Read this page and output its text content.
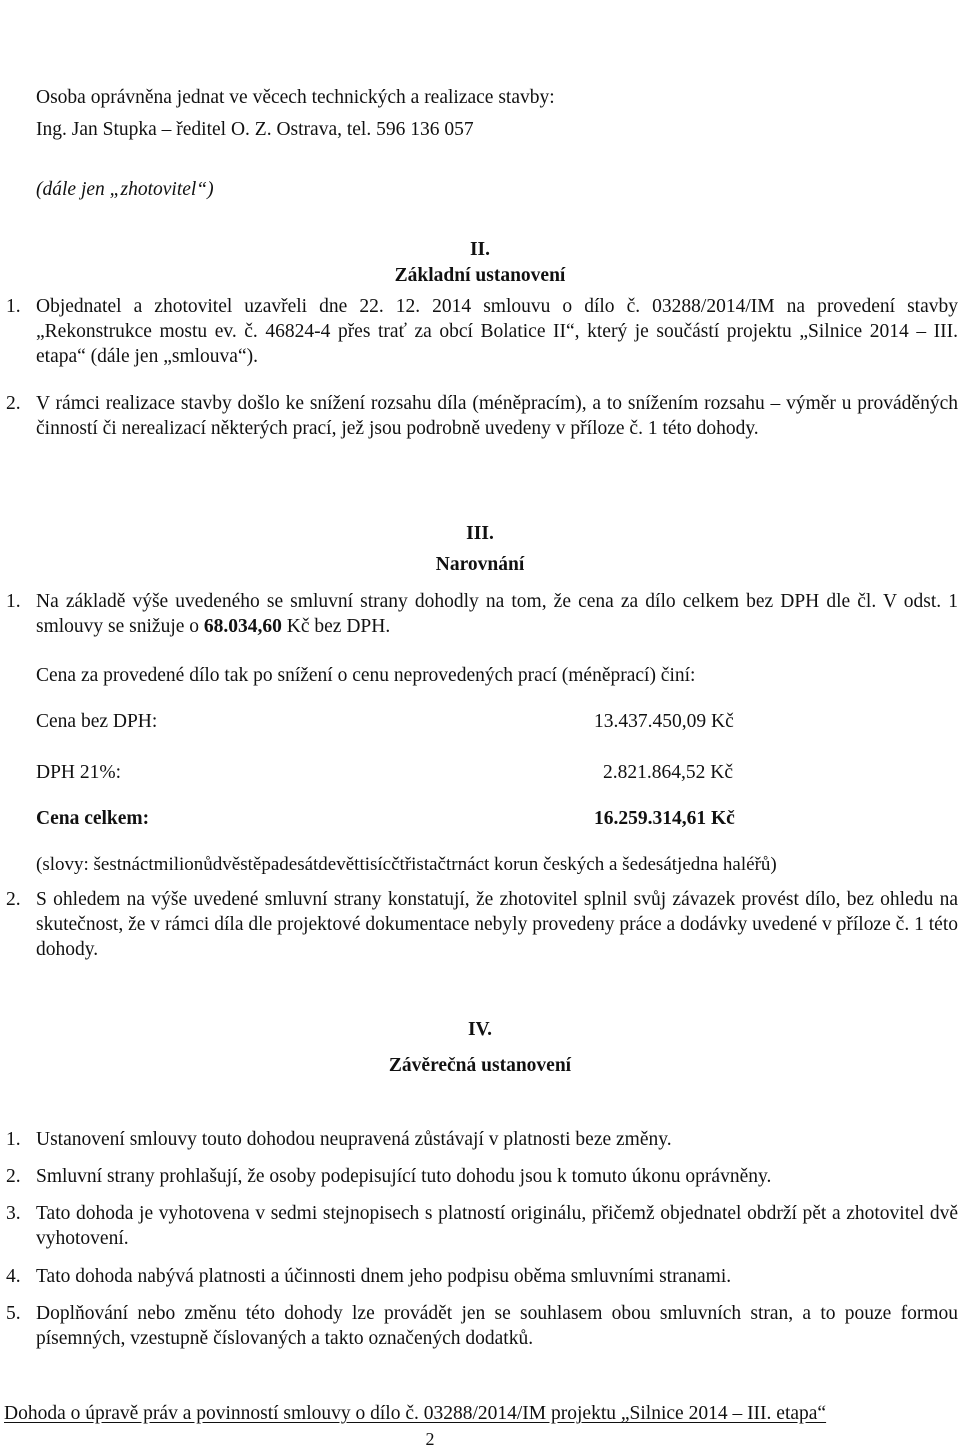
Osoba oprávněna jednat ve věcech technických a realizace stavby:

Ing. Jan Stupka – ředitel O. Z. Ostrava, tel. 596 136 057

(dále jen „zhotovitel“)

II.

Základní ustanovení

1. Objednatel a zhotovitel uzavřeli dne 22. 12. 2014 smlouvu o dílo č. 03288/2014/IM na provedení stavby „Rekonstrukce mostu ev. č. 46824-4 přes trať za obcí Bolatice II“, který je součástí projektu „Silnice 2014 – III. etapa“ (dále jen „smlouva“).
2. V rámci realizace stavby došlo ke snížení rozsahu díla (méněpracím), a to snížením rozsahu – výměr u prováděných činností či nerealizací některých prací, jež jsou podrobně uvedeny v příloze č. 1 této dohody.

III.

Narovnání

1. Na základě výše uvedeného se smluvní strany dohodly na tom, že cena za dílo celkem bez DPH dle čl. V odst. 1 smlouvy se snižuje o 68.034,60 Kč bez DPH.

Cena za provedené dílo tak po snížení o cenu neprovedených prací (méněprací) činí:

Cena bez DPH:	13.437.450,09 Kč
DPH 21%:	2.821.864,52 Kč
Cena celkem:	16.259.314,61 Kč

(slovy: šestnáctmilionůdvěstěpadesátdevěttisícčtřistačtrnáct korun českých a šedesátjedna haléřů)

2. S ohledem na výše uvedené smluvní strany konstatují, že zhotovitel splnil svůj závazek provést dílo, bez ohledu na skutečnost, že v rámci díla dle projektové dokumentace nebyly provedeny práce a dodávky uvedené v příloze č. 1 této dohody.

IV.

Závěrečná ustanovení

1. Ustanovení smlouvy touto dohodou neupravená zůstávají v platnosti beze změny.
2. Smluvní strany prohlašují, že osoby podepisující tuto dohodu jsou k tomuto úkonu oprávněny.
3. Tato dohoda je vyhotovena v sedmi stejnopisech s platností originálu, přičemž objednatel obdrží pět a zhotovitel dvě vyhotovení.
4. Tato dohoda nabývá platnosti a účinnosti dnem jeho podpisu oběma smluvními stranami.
5. Doplňování nebo změnu této dohody lze provádět jen se souhlasem obou smluvních stran, a to pouze formou písemných, vzestupně číslovaných a takto označených dodatků.
Dohoda o úpravě práv a povinností smlouvy o dílo č. 03288/2014/IM projektu „Silnice 2014 – III. etapa“
2
